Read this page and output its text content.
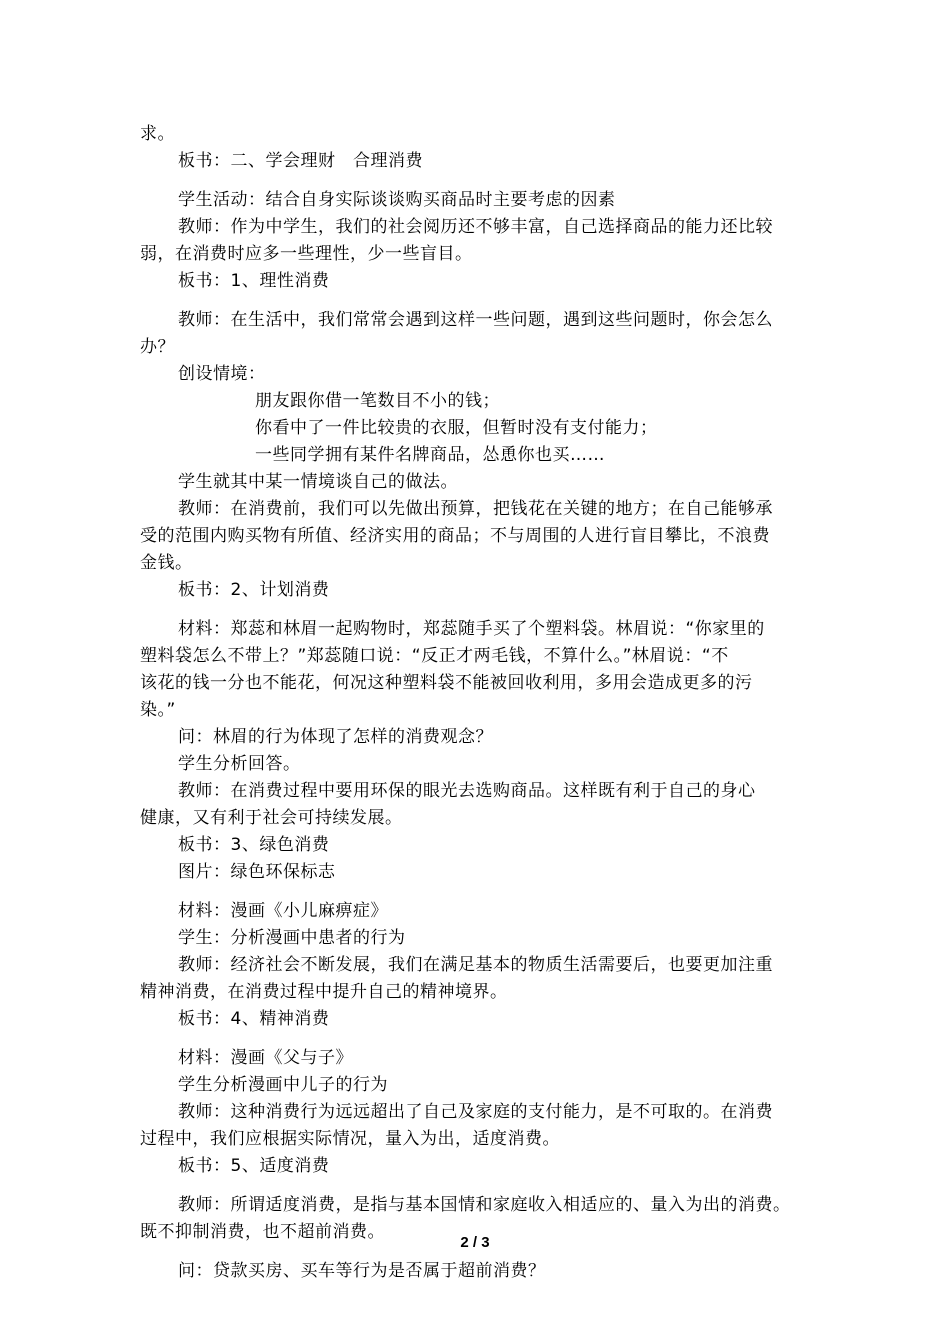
求。
板书：二、学会理财　合理消费
学生活动：结合自身实际谈谈购买商品时主要考虑的因素
教师：作为中学生，我们的社会阅历还不够丰富，自己选择商品的能力还比较
弱，在消费时应多一些理性，少一些盲目。
板书：1、理性消费
教师：在生活中，我们常常会遇到这样一些问题，遇到这些问题时，你会怎么
办？
创设情境：
朋友跟你借一笔数目不小的钱；
你看中了一件比较贵的衣服，但暂时没有支付能力；
一些同学拥有某件名牌商品，怂恿你也买……
学生就其中某一情境谈自己的做法。
教师：在消费前，我们可以先做出预算，把钱花在关键的地方；在自己能够承
受的范围内购买物有所值、经济实用的商品；不与周围的人进行盲目攀比，不浪费
金钱。
板书：2、计划消费
材料：郑蕊和林眉一起购物时，郑蕊随手买了个塑料袋。林眉说：“你家里的
塑料袋怎么不带上？”郑蕊随口说：“反正才两毛钱，不算什么。”林眉说：“不
该花的钱一分也不能花，何况这种塑料袋不能被回收利用，多用会造成更多的污
染。”
问：林眉的行为体现了怎样的消费观念？
学生分析回答。
教师：在消费过程中要用环保的眼光去选购商品。这样既有利于自己的身心
健康，又有利于社会可持续发展。
板书：3、绿色消费
图片：绿色环保标志
材料：漫画《小儿麻痹症》
学生：分析漫画中患者的行为
教师：经济社会不断发展，我们在满足基本的物质生活需要后，也要更加注重
精神消费，在消费过程中提升自己的精神境界。
板书：4、精神消费
材料：漫画《父与子》
学生分析漫画中儿子的行为
教师：这种消费行为远远超出了自己及家庭的支付能力，是不可取的。在消费
过程中，我们应根据实际情况，量入为出，适度消费。
板书：5、适度消费
教师：所谓适度消费，是指与基本国情和家庭收入相适应的、量入为出的消费。
既不抑制消费，也不超前消费。
问：贷款买房、买车等行为是否属于超前消费？
2 / 3
